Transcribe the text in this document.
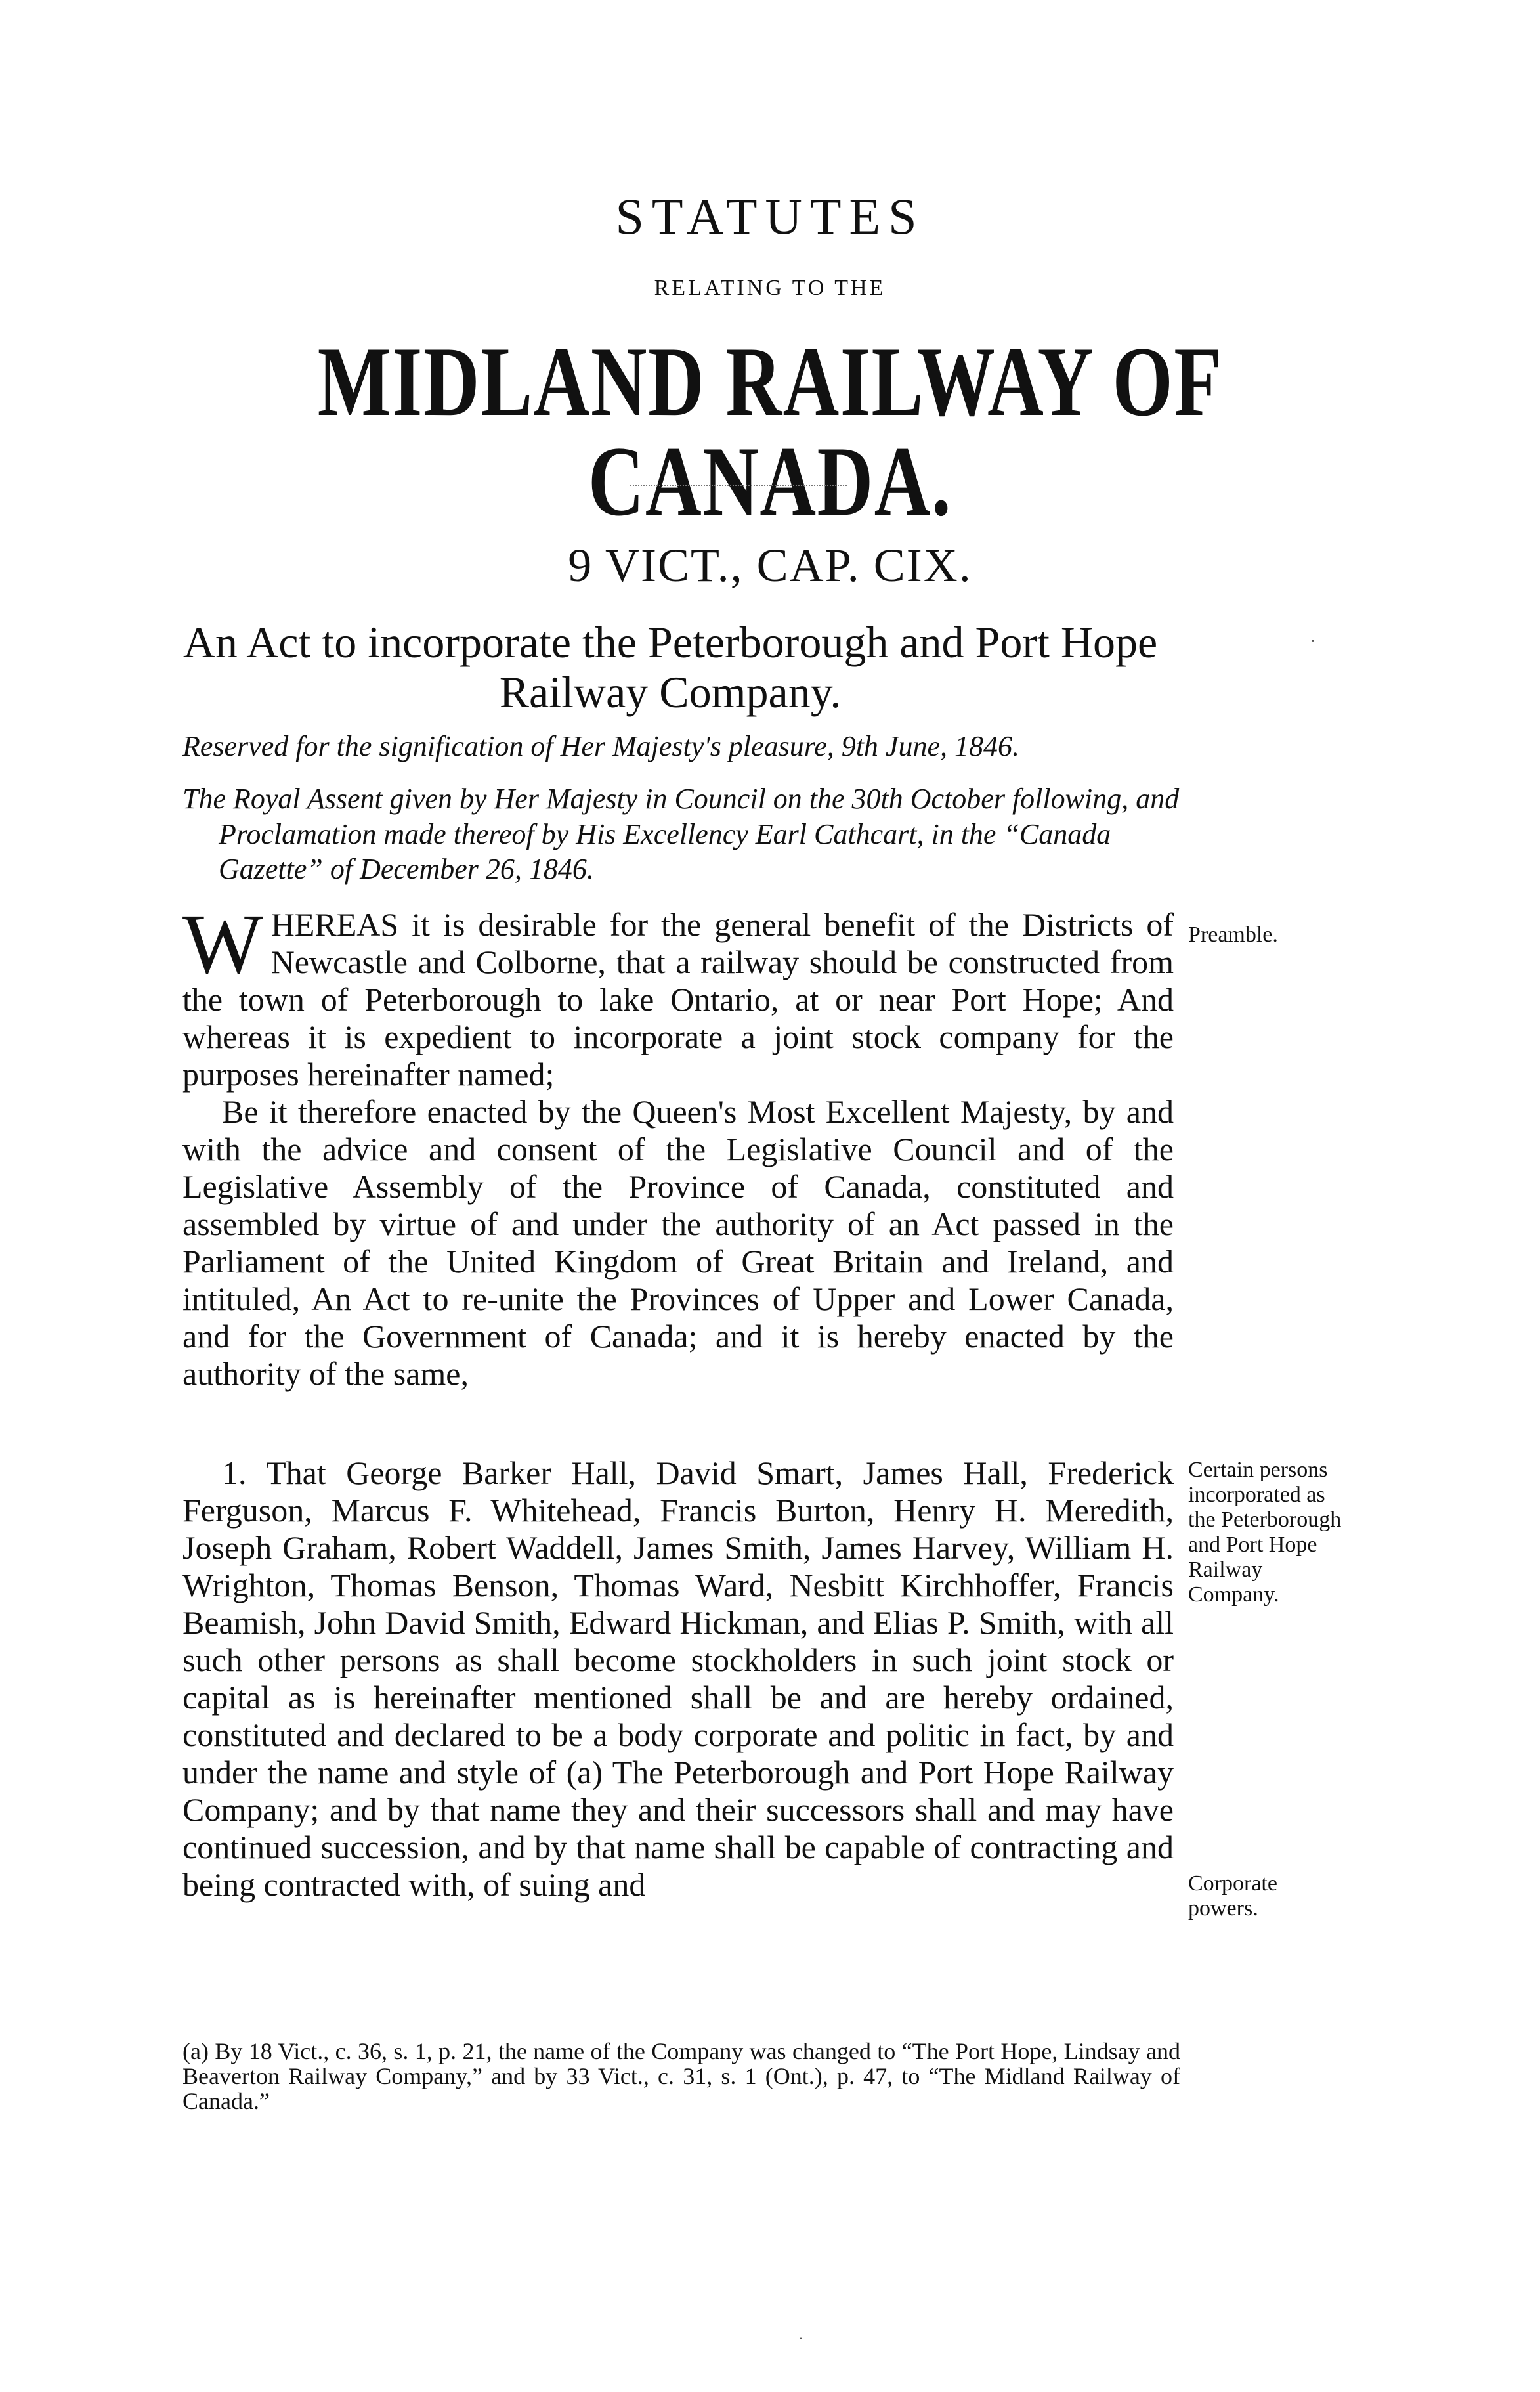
STATUTES
RELATING TO THE
MIDLAND RAILWAY OF CANADA.
9 VICT., CAP. CIX.
An Act to incorporate the Peterborough and Port Hope Railway Company.
Reserved for the signification of Her Majesty's pleasure, 9th June, 1846.
The Royal Assent given by Her Majesty in Council on the 30th October following, and Proclamation made thereof by His Excellency Earl Cathcart, in the “Canada Gazette” of December 26, 1846.

WHEREAS it is desirable for the general benefit of the Districts of Newcastle and Colborne, that a railway should be constructed from the town of Peterborough to lake Ontario, at or near Port Hope; And whereas it is expedient to incorporate a joint stock company for the purposes hereinafter named;

Be it therefore enacted by the Queen's Most Excellent Majesty, by and with the advice and consent of the Legislative Council and of the Legislative Assembly of the Province of Canada, constituted and assembled by virtue of and under the authority of an Act passed in the Parliament of the United Kingdom of Great Britain and Ireland, and intituled, An Act to re-unite the Provinces of Upper and Lower Canada, and for the Government of Canada; and it is hereby enacted by the authority of the same,

1. That George Barker Hall, David Smart, James Hall, Frederick Ferguson, Marcus F. Whitehead, Francis Burton, Henry H. Meredith, Joseph Graham, Robert Waddell, James Smith, James Harvey, William H. Wrighton, Thomas Benson, Thomas Ward, Nesbitt Kirchhoffer, Francis Beamish, John David Smith, Edward Hickman, and Elias P. Smith, with all such other persons as shall become stockholders in such joint stock or capital as is hereinafter mentioned shall be and are hereby ordained, constituted and declared to be a body corporate and politic in fact, by and under the name and style of (a) The Peterborough and Port Hope Railway Company; and by that name they and their successors shall and may have continued succession, and by that name shall be capable of contracting and being contracted with, of suing and

Preamble.
Certain persons incorporated as the Peterborough and Port Hope Railway Company.
Corporate powers.
(a) By 18 Vict., c. 36, s. 1, p. 21, the name of the Company was changed to “The Port Hope, Lindsay and Beaverton Railway Company,” and by 33 Vict., c. 31, s. 1 (Ont.), p. 47, to “The Midland Railway of Canada.”
·
·
